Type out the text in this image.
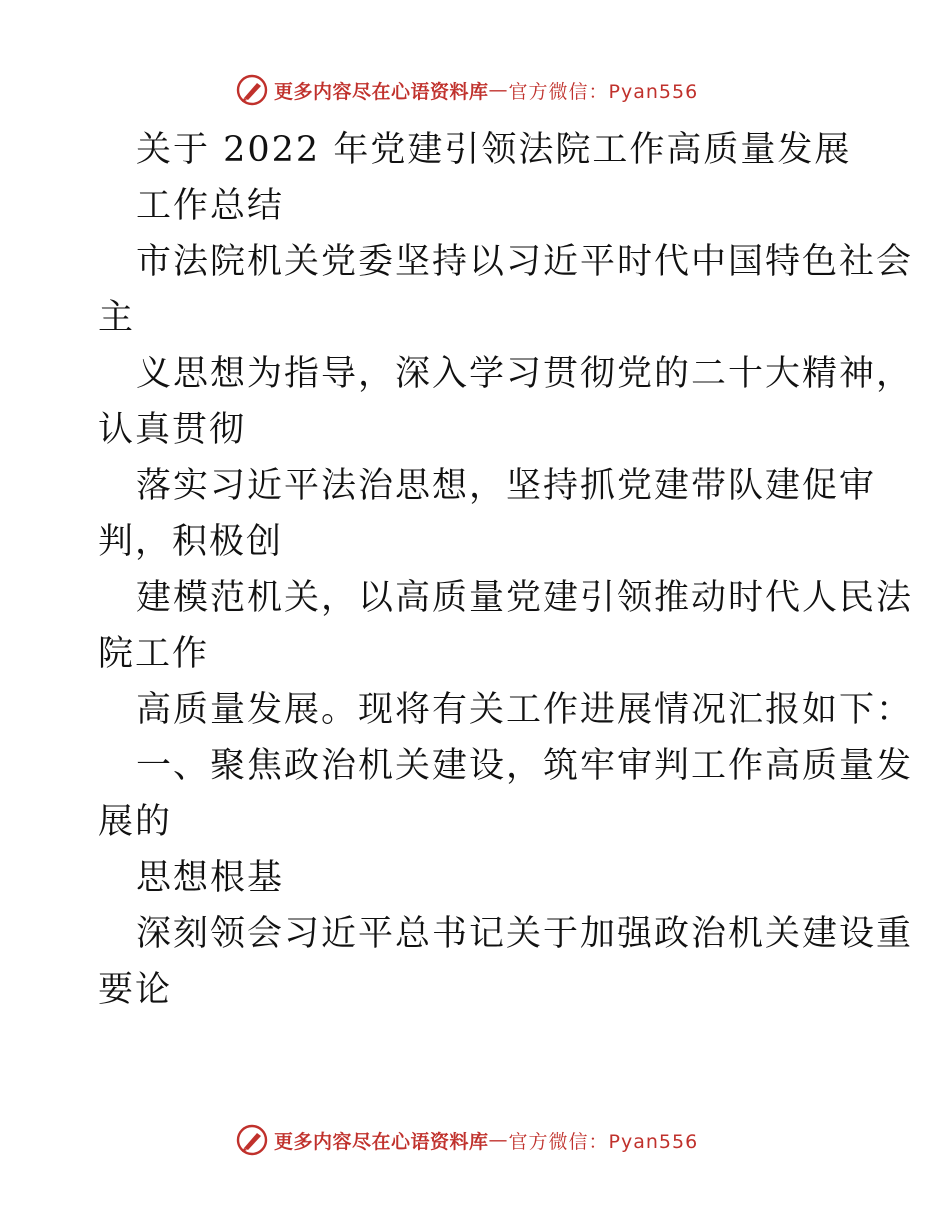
更多内容尽在心语资料库 — 官方微信：Pyan556
关于 2022 年党建引领法院工作高质量发展
工作总结
市法院机关党委坚持以习近平时代中国特色社会
主
义思想为指导，深入学习贯彻党的二十大精神，
认真贯彻
落实习近平法治思想，坚持抓党建带队建促审
判，积极创
建模范机关，以高质量党建引领推动时代人民法
院工作
高质量发展。现将有关工作进展情况汇报如下：
一、聚焦政治机关建设，筑牢审判工作高质量发
展的
思想根基
深刻领会习近平总书记关于加强政治机关建设重
要论
更多内容尽在心语资料库 — 官方微信：Pyan556
